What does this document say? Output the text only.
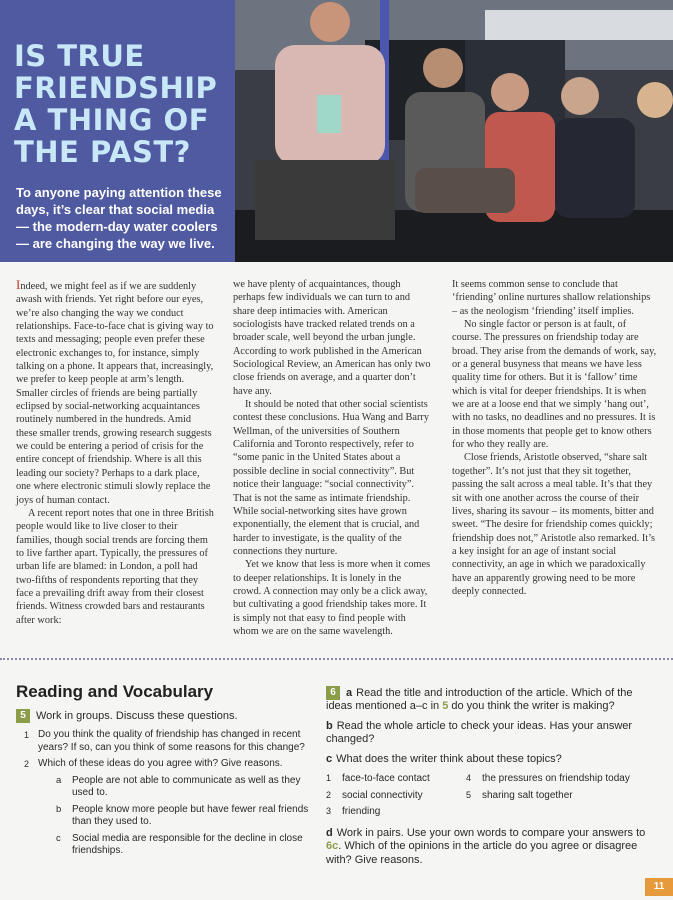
IS TRUE
FRIENDSHIP
A THING OF
THE PAST?
To anyone paying attention these days, it’s clear that social media — the modern-day water coolers — are changing the way we live.

Indeed, we might feel as if we are suddenly awash with friends. Yet right before our eyes, we’re also changing the way we conduct relationships. Face-to-face chat is giving way to texts and messaging; people even prefer these electronic exchanges to, for instance, simply talking on a phone. It appears that, increasingly, we prefer to keep people at arm’s length. Smaller circles of friends are being partially eclipsed by social-networking acquaintances routinely numbered in the hundreds. Amid these smaller trends, growing research suggests we could be entering a period of crisis for the entire concept of friendship. Where is all this leading our society? Perhaps to a dark place, one where electronic stimuli slowly replace the joys of human contact.

A recent report notes that one in three British people would like to live closer to their families, though social trends are forcing them to live farther apart. Typically, the pressures of urban life are blamed: in London, a poll had two-fifths of respondents reporting that they face a prevailing drift away from their closest friends. Witness crowded bars and restaurants after work:

we have plenty of acquaintances, though perhaps few individuals we can turn to and share deep intimacies with. American sociologists have tracked related trends on a broader scale, well beyond the urban jungle. According to work published in the American Sociological Review, an American has only two close friends on average, and a quarter don’t have any.

It should be noted that other social scientists contest these conclusions. Hua Wang and Barry Wellman, of the universities of Southern California and Toronto respectively, refer to “some panic in the United States about a possible decline in social connectivity”. But notice their language: “social connectivity”. That is not the same as intimate friendship. While social-networking sites have grown exponentially, the element that is crucial, and harder to investigate, is the quality of the connections they nurture.

Yet we know that less is more when it comes to deeper relationships. It is lonely in the crowd. A connection may only be a click away, but cultivating a good friendship takes more. It is simply not that easy to find people with whom we are on the same wavelength.

It seems common sense to conclude that ‘friending’ online nurtures shallow relationships – as the neologism ‘friending’ itself implies.

No single factor or person is at fault, of course. The pressures on friendship today are broad. They arise from the demands of work, say, or a general busyness that means we have less quality time for others. But it is ‘fallow’ time which is vital for deeper friendships. It is when we are at a loose end that we simply ‘hang out’, with no tasks, no deadlines and no pressures. It is in those moments that people get to know others for who they really are.

Close friends, Aristotle observed, “share salt together”. It’s not just that they sit together, passing the salt across a meal table. It’s that they sit with one another across the course of their lives, sharing its savour – its moments, bitter and sweet. “The desire for friendship comes quickly; friendship does not,” Aristotle also remarked. It’s a key insight for an age of instant social connectivity, an age in which we paradoxically have an apparently growing need to be more deeply connected.

Reading and Vocabulary
5 Work in groups. Discuss these questions.
1 Do you think the quality of friendship has changed in recent years? If so, can you think of some reasons for this change?
2 Which of these ideas do you agree with? Give reasons.
a People are not able to communicate as well as they used to.
b People know more people but have fewer real friends than they used to.
c Social media are responsible for the decline in close friendships.
6 a Read the title and introduction of the article. Which of the ideas mentioned a–c in 5 do you think the writer is making?
b Read the whole article to check your ideas. Has your answer changed?
c What does the writer think about these topics?
1 face-to-face contact	4 the pressures on friendship today
2 social connectivity	5 sharing salt together
3 friending
d Work in pairs. Use your own words to compare your answers to 6c. Which of the opinions in the article do you agree or disagree with? Give reasons.
11
